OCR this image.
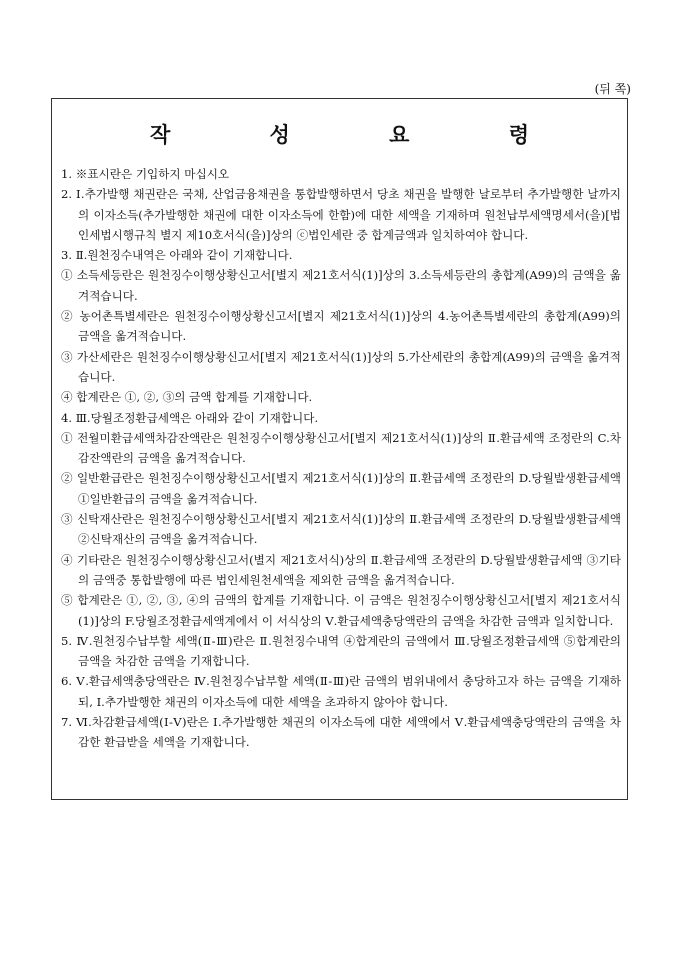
(뒤 쪽)
작 성 요 령

1. ※표시란은 기입하지 마십시오

2. Ⅰ.추가발행 채권란은 국채, 산업금융채권을 통합발행하면서 당초 채권을 발행한 날로부터 추가발행한 날까지의 이자소득(추가발행한 채권에 대한 이자소득에 한함)에 대한 세액을 기재하며 원천납부세액명세서(을)[법인세법시행규칙 별지 제10호서식(을)]상의 ⓒ법인세란 중 합계금액과 일치하여야 합니다.

3. Ⅱ.원천징수내역은 아래와 같이 기재합니다.

① 소득세등란은 원천징수이행상황신고서[별지 제21호서식(1)]상의 3.소득세등란의 총합계(A99)의 금액을 옮겨적습니다.

② 농어촌특별세란은 원천징수이행상황신고서[별지 제21호서식(1)]상의 4.농어촌특별세란의 총합계(A99)의 금액을 옮겨적습니다.

③ 가산세란은 원천징수이행상황신고서[별지 제21호서식(1)]상의 5.가산세란의 총합계(A99)의 금액을 옮겨적습니다.

④ 합계란은 ①, ②, ③의 금액 합계를 기재합니다.

4. Ⅲ.당월조정환급세액은 아래와 같이 기재합니다.

① 전월미환급세액차감잔액란은 원천징수이행상황신고서[별지 제21호서식(1)]상의 Ⅱ.환급세액 조정란의 C.차감잔액란의 금액을 옮겨적습니다.

② 일반환급란은 원천징수이행상황신고서[별지 제21호서식(1)]상의 Ⅱ.환급세액 조정란의 D.당월발생환급세액 ①일반환급의 금액을 옮겨적습니다.

③ 신탁재산란은 원천징수이행상황신고서[별지 제21호서식(1)]상의 Ⅱ.환급세액 조정란의 D.당월발생환급세액 ②신탁재산의 금액을 옮겨적습니다.

④ 기타란은 원천징수이행상황신고서(별지 제21호서식)상의 Ⅱ.환급세액 조정란의 D.당월발생환급세액 ③기타의 금액중 통합발행에 따른 법인세원천세액을 제외한 금액을 옮겨적습니다.

⑤ 합계란은 ①, ②, ③, ④의 금액의 합계를 기재합니다. 이 금액은 원천징수이행상황신고서[별지 제21호서식(1)]상의 F.당월조정환급세액계에서 이 서식상의 Ⅴ.환급세액충당액란의 금액을 차감한 금액과 일치합니다.

5. Ⅳ.원천징수납부할 세액(Ⅱ-Ⅲ)란은 Ⅱ.원천징수내역 ④합계란의 금액에서 Ⅲ.당월조정환급세액 ⑤합계란의 금액을 차감한 금액을 기재합니다.

6. Ⅴ.환급세액충당액란은 Ⅳ.원천징수납부할 세액(Ⅱ-Ⅲ)란 금액의 범위내에서 충당하고자 하는 금액을 기재하되, Ⅰ.추가발행한 채권의 이자소득에 대한 세액을 초과하지 않아야 합니다.

7. Ⅵ.차감환급세액(Ⅰ-Ⅴ)란은 Ⅰ.추가발행한 채권의 이자소득에 대한 세액에서 Ⅴ.환급세액충당액란의 금액을 차감한 환급받을 세액을 기재합니다.
